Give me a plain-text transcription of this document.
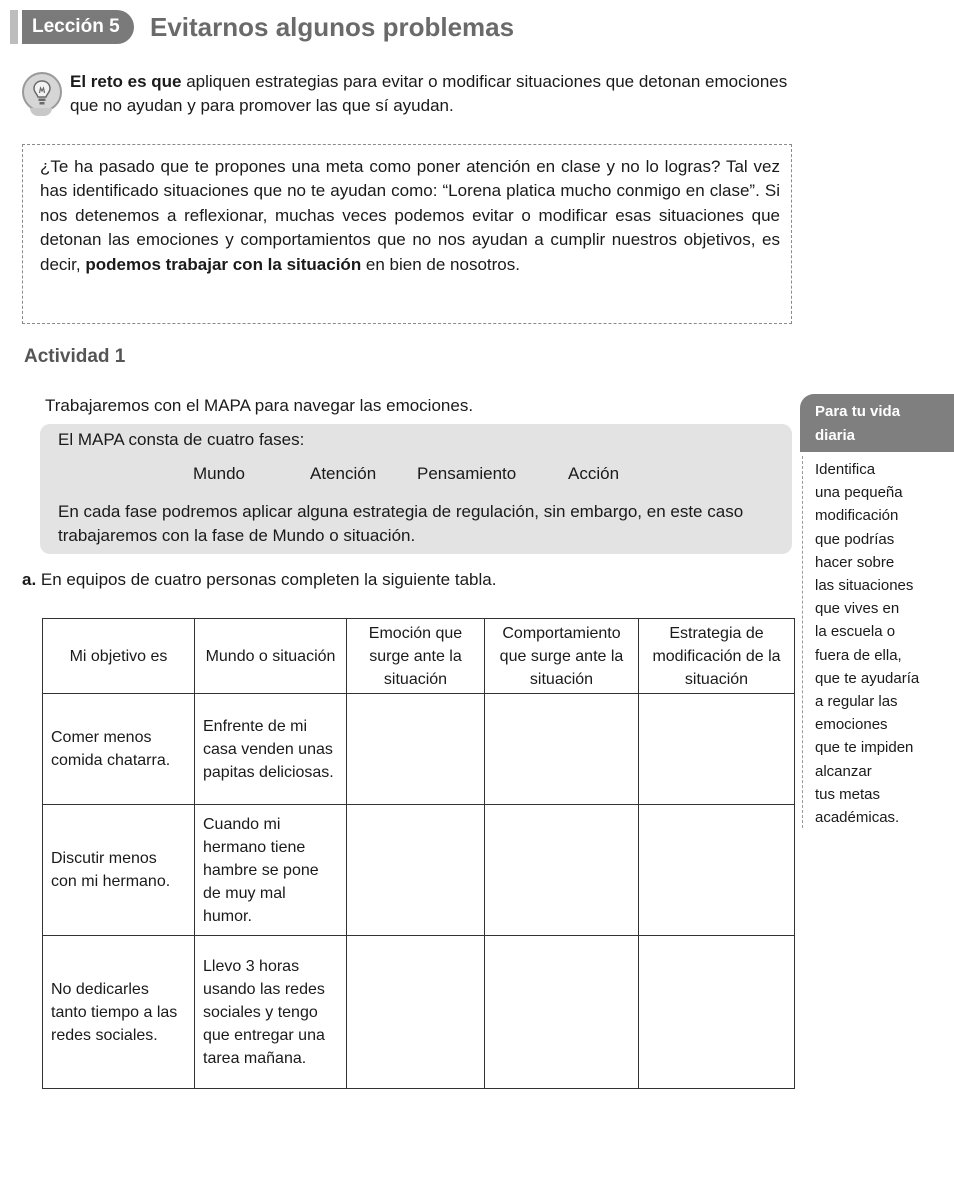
Lección 5	Evitarnos algunos problemas
El reto es que apliquen estrategias para evitar o modificar situaciones que detonan emociones que no ayudan y para promover las que sí ayudan.
¿Te ha pasado que te propones una meta como poner atención en clase y no lo logras? Tal vez has identificado situaciones que no te ayudan como: “Lorena platica mucho conmigo en clase”. Si nos detenemos a reflexionar, muchas veces podemos evitar o modificar esas situaciones que detonan las emociones y comportamientos que no nos ayudan a cumplir nuestros objetivos, es decir, podemos trabajar con la situación en bien de nosotros.
Actividad 1
Trabajaremos con el MAPA para navegar las emociones.
El MAPA consta de cuatro fases:
Mundo	Atención Pensamiento	Acción
En cada fase podremos aplicar alguna estrategia de regulación, sin embargo, en este caso trabajaremos con la fase de Mundo o situación.
a. En equipos de cuatro personas completen la siguiente tabla.
Para tu vida
diaria
Identifica
una pequeña
modificación
que podrías
hacer sobre
las situaciones
que vives en
la escuela o
fuera de ella,
que te ayudaría
a regular las
emociones
que te impiden
alcanzar
tus metas
académicas.
Mi objetivo es	Mundo o situación	Emoción que surge ante la situación	Comportamiento que surge ante la situación	Estrategia de modificación de la situación
Comer menos comida chatarra.	Enfrente de mi casa venden unas papitas deliciosas.			
Discutir menos con mi hermano.	Cuando mi hermano tiene hambre se pone de muy mal humor.			
No dedicarles tanto tiempo a las redes sociales.	Llevo 3 horas usando las redes sociales y tengo que entregar una tarea mañana.			
